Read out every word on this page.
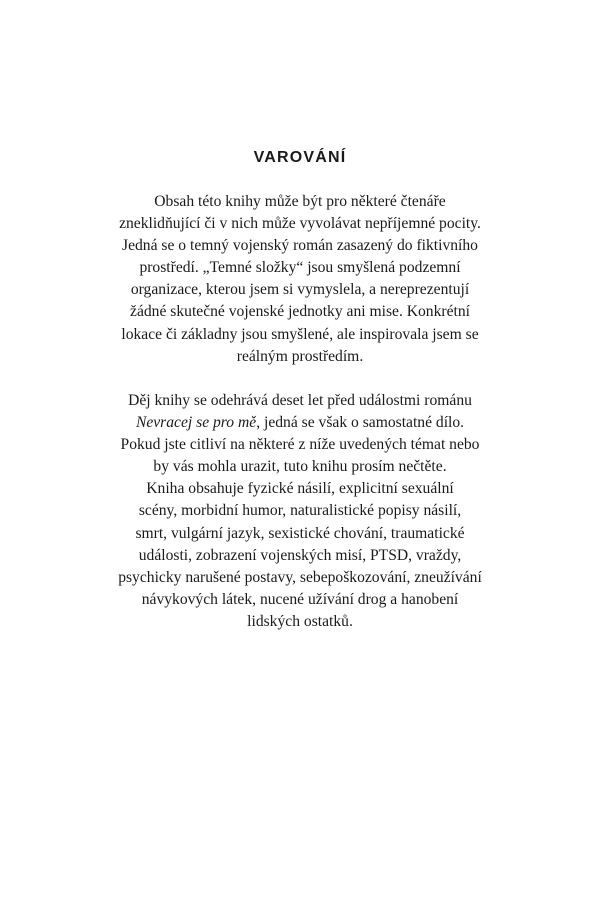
VAROVÁNÍ

Obsah této knihy může být pro některé čtenáře
zneklidňující či v nich může vyvolávat nepříjemné pocity.
Jedná se o temný vojenský román zasazený do fiktivního
prostředí. „Temné složky“ jsou smyšlená podzemní
organizace, kterou jsem si vymyslela, a nereprezentují
žádné skutečné vojenské jednotky ani mise. Konkrétní
lokace či základny jsou smyšlené, ale inspirovala jsem se
reálným prostředím.

Děj knihy se odehrává deset let před událostmi románu
Nevracej se pro mě, jedná se však o samostatné dílo.
Pokud jste citliví na některé z níže uvedených témat nebo
by vás mohla urazit, tuto knihu prosím nečtěte.
Kniha obsahuje fyzické násilí, explicitní sexuální
scény, morbidní humor, naturalistické popisy násilí,
smrt, vulgární jazyk, sexistické chování, traumatické
události, zobrazení vojenských misí, PTSD, vraždy,
psychicky narušené postavy, sebepoškozování, zneužívání
návykových látek, nucené užívání drog a hanobení
lidských ostatků.
